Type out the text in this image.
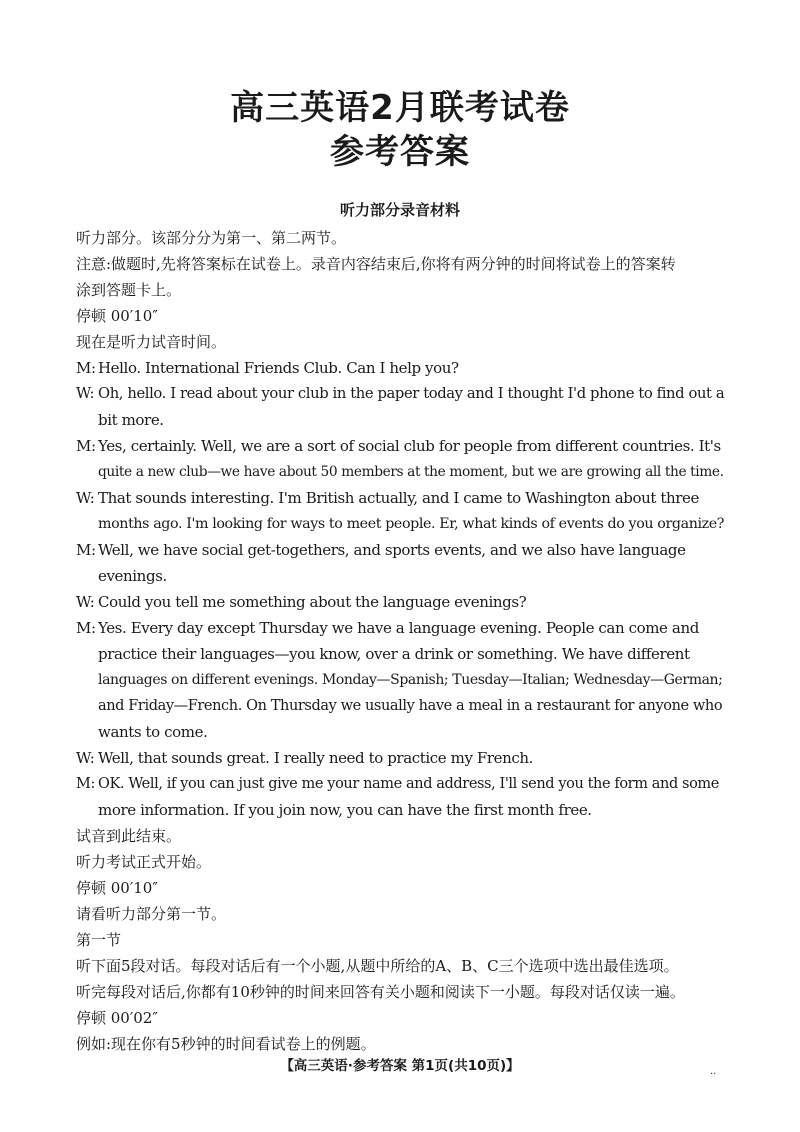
高三英语2月联考试卷
参考答案
听力部分录音材料
听力部分。该部分分为第一、第二两节。
注意:做题时,先将答案标在试卷上。录音内容结束后,你将有两分钟的时间将试卷上的答案转
涂到答题卡上。
停顿 00′10″
现在是听力试音时间。
M: Hello. International Friends Club. Can I help you?
W: Oh, hello. I read about your club in the paper today and I thought I'd phone to find out a
bit more.
M: Yes, certainly. Well, we are a sort of social club for people from different countries. It's
quite a new club—we have about 50 members at the moment, but we are growing all the time.
W: That sounds interesting. I'm British actually, and I came to Washington about three
months ago. I'm looking for ways to meet people. Er, what kinds of events do you organize?
M: Well, we have social get-togethers, and sports events, and we also have language
evenings.
W: Could you tell me something about the language evenings?
M: Yes. Every day except Thursday we have a language evening. People can come and
practice their languages—you know, over a drink or something. We have different
languages on different evenings. Monday—Spanish; Tuesday—Italian; Wednesday—German;
and Friday—French. On Thursday we usually have a meal in a restaurant for anyone who
wants to come.
W: Well, that sounds great. I really need to practice my French.
M: OK. Well, if you can just give me your name and address, I'll send you the form and some
more information. If you join now, you can have the first month free.
试音到此结束。
听力考试正式开始。
停顿 00′10″
请看听力部分第一节。
第一节
听下面5段对话。每段对话后有一个小题,从题中所给的A、B、C三个选项中选出最佳选项。
听完每段对话后,你都有10秒钟的时间来回答有关小题和阅读下一小题。每段对话仅读一遍。
停顿 00′02″
例如:现在你有5秒钟的时间看试卷上的例题。
【高三英语·参考答案 第1页(共10页)】	..
